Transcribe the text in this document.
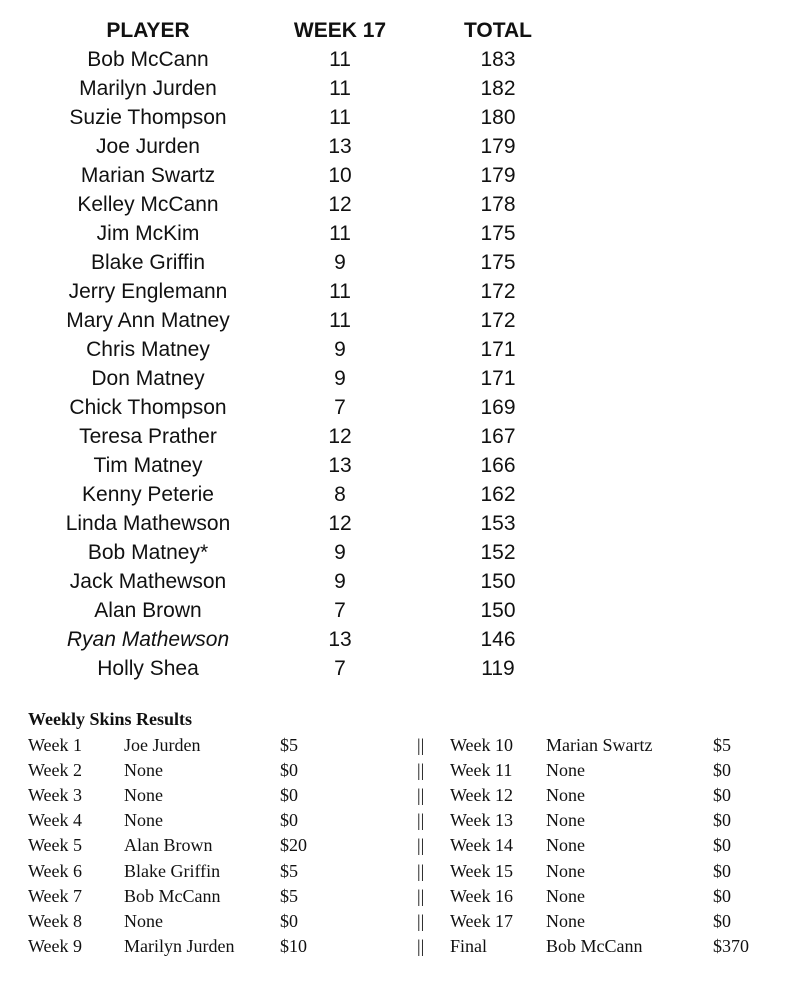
PLAYER	WEEK 17	TOTAL
Bob McCann	11	183
Marilyn Jurden	11	182
Suzie Thompson	11	180
Joe Jurden	13	179
Marian Swartz	10	179
Kelley McCann	12	178
Jim McKim	11	175
Blake Griffin	9	175
Jerry Englemann	11	172
Mary Ann Matney	11	172
Chris Matney	9	171
Don Matney	9	171
Chick Thompson	7	169
Teresa Prather	12	167
Tim Matney	13	166
Kenny Peterie	8	162
Linda Mathewson	12	153
Bob Matney*	9	152
Jack Mathewson	9	150
Alan Brown	7	150
Ryan Mathewson	13	146
Holly Shea	7	119
Weekly Skins Results
Week 1 Joe Jurden	$5	|| Week 10 Marian Swartz	$5
Week 2 None	$0	|| Week 11 None	$0
Week 3 None	$0	|| Week 12 None	$0
Week 4 None	$0	|| Week 13 None	$0
Week 5 Alan Brown	$20	|| Week 14 None	$0
Week 6 Blake Griffin	$5	|| Week 15 None	$0
Week 7 Bob McCann	$5	|| Week 16 None	$0
Week 8 None	$0	|| Week 17 None	$0
Week 9 Marilyn Jurden	$10	|| Final	Bob McCann	$370
